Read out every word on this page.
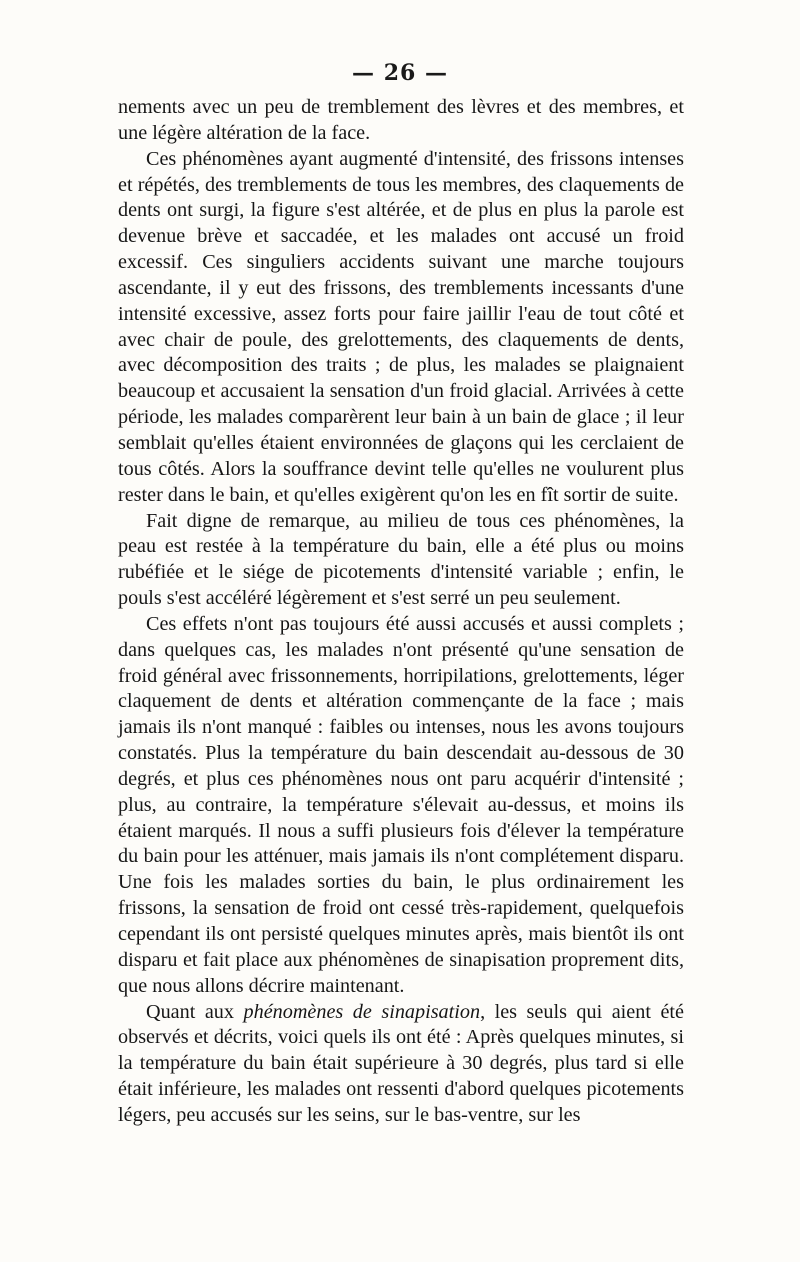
— 26 —

nements avec un peu de tremblement des lèvres et des membres, et une légère altération de la face.

Ces phénomènes ayant augmenté d'intensité, des frissons intenses et répétés, des tremblements de tous les membres, des claquements de dents ont surgi, la figure s'est altérée, et de plus en plus la parole est devenue brève et saccadée, et les malades ont accusé un froid excessif. Ces singuliers accidents suivant une marche toujours ascendante, il y eut des frissons, des tremblements incessants d'une intensité excessive, assez forts pour faire jaillir l'eau de tout côté et avec chair de poule, des grelottements, des claquements de dents, avec décomposition des traits ; de plus, les malades se plaignaient beaucoup et accusaient la sensation d'un froid glacial. Arrivées à cette période, les malades comparèrent leur bain à un bain de glace ; il leur semblait qu'elles étaient environnées de glaçons qui les cerclaient de tous côtés. Alors la souffrance devint telle qu'elles ne voulurent plus rester dans le bain, et qu'elles exigèrent qu'on les en fît sortir de suite.

Fait digne de remarque, au milieu de tous ces phénomènes, la peau est restée à la température du bain, elle a été plus ou moins rubéfiée et le siége de picotements d'intensité variable ; enfin, le pouls s'est accéléré légèrement et s'est serré un peu seulement.

Ces effets n'ont pas toujours été aussi accusés et aussi complets ; dans quelques cas, les malades n'ont présenté qu'une sensation de froid général avec frissonnements, horripilations, grelottements, léger claquement de dents et altération commençante de la face ; mais jamais ils n'ont manqué : faibles ou intenses, nous les avons toujours constatés. Plus la température du bain descendait au-dessous de 30 degrés, et plus ces phénomènes nous ont paru acquérir d'intensité ; plus, au contraire, la température s'élevait au-dessus, et moins ils étaient marqués. Il nous a suffi plusieurs fois d'élever la température du bain pour les atténuer, mais jamais ils n'ont complétement disparu. Une fois les malades sorties du bain, le plus ordinairement les frissons, la sensation de froid ont cessé très-rapidement, quelquefois cependant ils ont persisté quelques minutes après, mais bientôt ils ont disparu et fait place aux phénomènes de sinapisation proprement dits, que nous allons décrire maintenant.

Quant aux phénomènes de sinapisation, les seuls qui aient été observés et décrits, voici quels ils ont été : Après quelques minutes, si la température du bain était supérieure à 30 degrés, plus tard si elle était inférieure, les malades ont ressenti d'abord quelques picotements légers, peu accusés sur les seins, sur le bas-ventre, sur les
